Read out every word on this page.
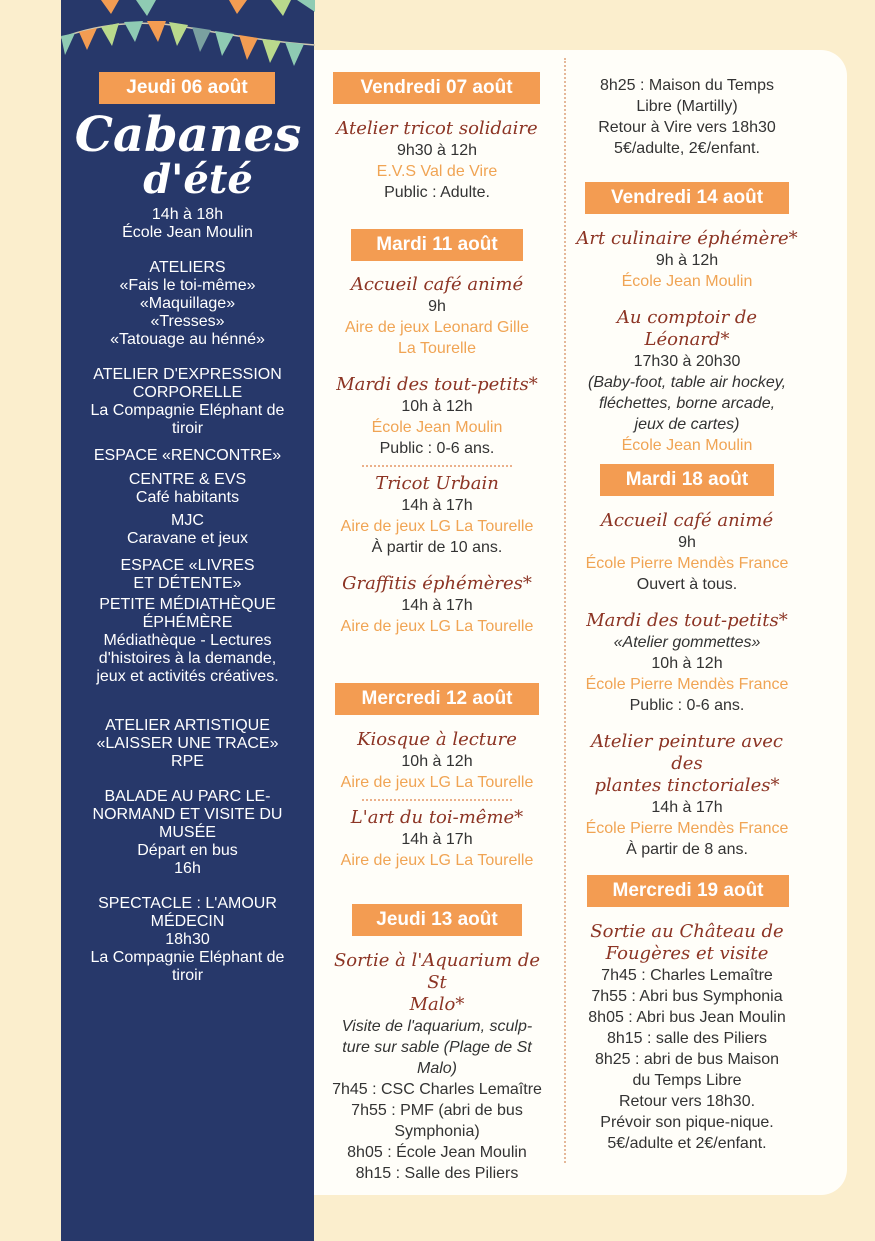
Jeudi 06 août
Cabanes
d'été
14h à 18h
École Jean Moulin
ATELIERS
«Fais le toi-même»
«Maquillage»
«Tresses»
«Tatouage au hénné»
ATELIER D'EXPRESSION
CORPORELLE
La Compagnie Eléphant de
tiroir
ESPACE «RENCONTRE»
CENTRE & EVS
Café habitants
MJC
Caravane et jeux
ESPACE «LIVRES
ET DÉTENTE»
PETITE MÉDIATHÈQUE
ÉPHÉMÈRE
Médiathèque - Lectures
d'histoires à la demande,
jeux et activités créatives.
ATELIER ARTISTIQUE
«LAISSER UNE TRACE»
RPE
BALADE AU PARC LE-
NORMAND ET VISITE DU
MUSÉE
Départ en bus
16h
SPECTACLE : L'AMOUR
MÉDECIN
18h30
La Compagnie Eléphant de
tiroir
Vendredi 07 août
Atelier tricot solidaire
9h30 à 12h
E.V.S Val de Vire
Public : Adulte.
Mardi 11 août
Accueil café animé
9h
Aire de jeux Leonard Gille
La Tourelle
Mardi des tout-petits*
10h à 12h
École Jean Moulin
Public : 0-6 ans.
Tricot Urbain
14h à 17h
Aire de jeux LG La Tourelle
À partir de 10 ans.
Graffitis éphémères*
14h à 17h
Aire de jeux LG La Tourelle
Mercredi 12 août
Kiosque à lecture
10h à 12h
Aire de jeux LG La Tourelle
L'art du toi-même*
14h à 17h
Aire de jeux LG La Tourelle
Jeudi 13 août
Sortie à l'Aquarium de St
Malo*
Visite de l'aquarium, sculp-
ture sur sable (Plage de St
Malo)
7h45 : CSC Charles Lemaître
7h55 : PMF (abri de bus
Symphonia)
8h05 : École Jean Moulin
8h15 : Salle des Piliers
8h25 : Maison du Temps
Libre (Martilly)
Retour à Vire vers 18h30
5€/adulte, 2€/enfant.
Vendredi 14 août
Art culinaire éphémère*
9h à 12h
École Jean Moulin
Au comptoir de Léonard*
17h30 à 20h30
(Baby-foot, table air hockey,
fléchettes, borne arcade,
jeux de cartes)
École Jean Moulin
Mardi 18 août
Accueil café animé
9h
École Pierre Mendès France
Ouvert à tous.
Mardi des tout-petits*
«Atelier gommettes»
10h à 12h
École Pierre Mendès France
Public : 0-6 ans.
Atelier peinture avec des
plantes tinctoriales*
14h à 17h
École Pierre Mendès France
À partir de 8 ans.
Mercredi 19 août
Sortie au Château de
Fougères et visite
7h45 : Charles Lemaître
7h55 : Abri bus Symphonia
8h05 : Abri bus Jean Moulin
8h15 : salle des Piliers
8h25 : abri de bus Maison
du Temps Libre
Retour vers 18h30.
Prévoir son pique-nique.
5€/adulte et 2€/enfant.
